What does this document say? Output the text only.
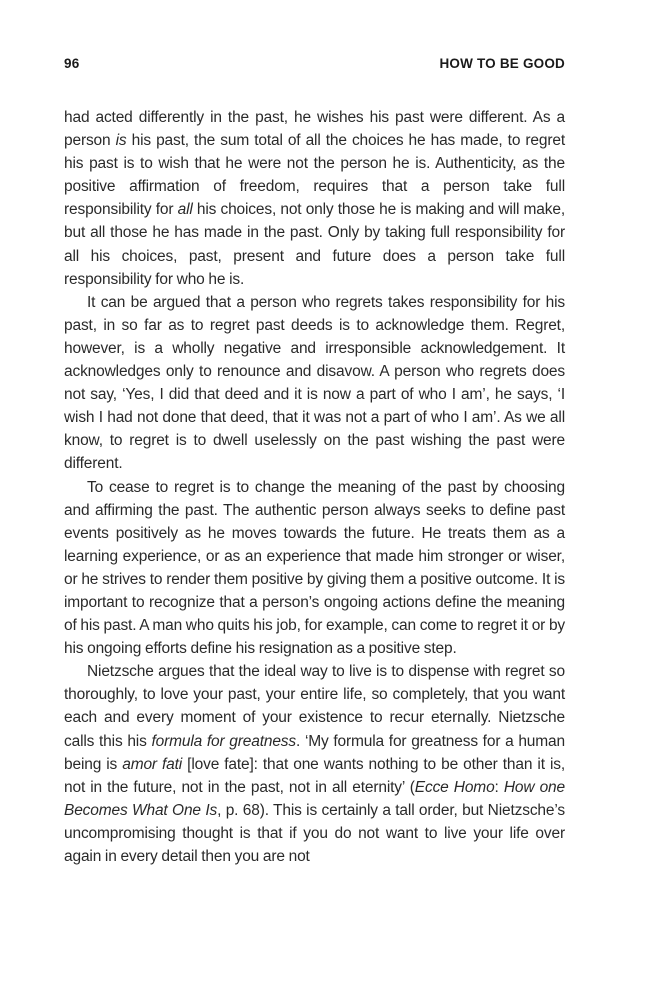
96	HOW TO BE GOOD

had acted differently in the past, he wishes his past were different. As a person is his past, the sum total of all the choices he has made, to regret his past is to wish that he were not the person he is. Authenticity, as the positive affirmation of freedom, requires that a person take full responsibility for all his choices, not only those he is making and will make, but all those he has made in the past. Only by taking full responsibility for all his choices, past, present and future does a person take full responsibility for who he is.

It can be argued that a person who regrets takes responsibility for his past, in so far as to regret past deeds is to acknowledge them. Regret, however, is a wholly negative and irresponsible acknowledgement. It acknowledges only to renounce and disavow. A person who regrets does not say, ‘Yes, I did that deed and it is now a part of who I am’, he says, ‘I wish I had not done that deed, that it was not a part of who I am’. As we all know, to regret is to dwell uselessly on the past wishing the past were different.

To cease to regret is to change the meaning of the past by choosing and affirming the past. The authentic person always seeks to define past events positively as he moves towards the future. He treats them as a learning experience, or as an experience that made him stronger or wiser, or he strives to render them positive by giving them a positive outcome. It is important to recognize that a person’s ongoing actions define the meaning of his past. A man who quits his job, for example, can come to regret it or by his ongoing efforts define his resignation as a positive step.

Nietzsche argues that the ideal way to live is to dispense with regret so thoroughly, to love your past, your entire life, so completely, that you want each and every moment of your existence to recur eternally. Nietzsche calls this his formula for greatness. ‘My formula for greatness for a human being is amor fati [love fate]: that one wants nothing to be other than it is, not in the future, not in the past, not in all eternity’ (Ecce Homo: How one Becomes What One Is, p. 68). This is certainly a tall order, but Nietzsche’s uncompromising thought is that if you do not want to live your life over again in every detail then you are not
